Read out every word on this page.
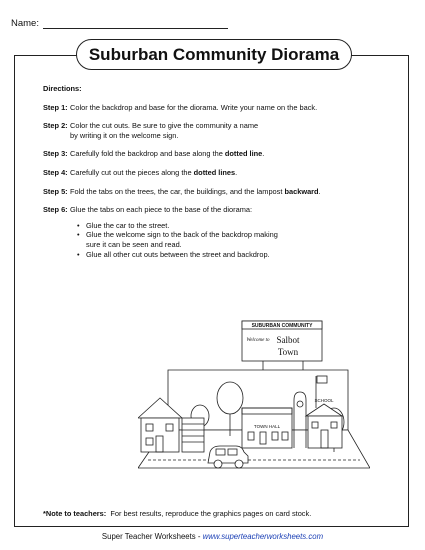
Name:
Suburban Community Diorama
Directions:
Step 1: Color the backdrop and base for the diorama. Write your name on the back.
Step 2: Color the cut outs. Be sure to give the community a name
by writing it on the welcome sign.
Step 3: Carefully fold the backdrop and base along the dotted line.
Step 4: Carefully cut out the pieces along the dotted lines.
Step 5: Fold the tabs on the trees, the car, the buildings, and the lampost backward.
Step 6: Glue the tabs on each piece to the base of the diorama:
• Glue the car to the street.
• Glue the welcome sign to the back of the backdrop making
sure it can be seen and read.
• Glue all other cut outs between the street and backdrop.
SUBURBAN COMMUNITY
Welcome to Salbot
Town
TOWN HALL
SCHOOL
*Note to teachers: For best results, reproduce the graphics pages on card stock.
Super Teacher Worksheets - www.superteacherworksheets.com
